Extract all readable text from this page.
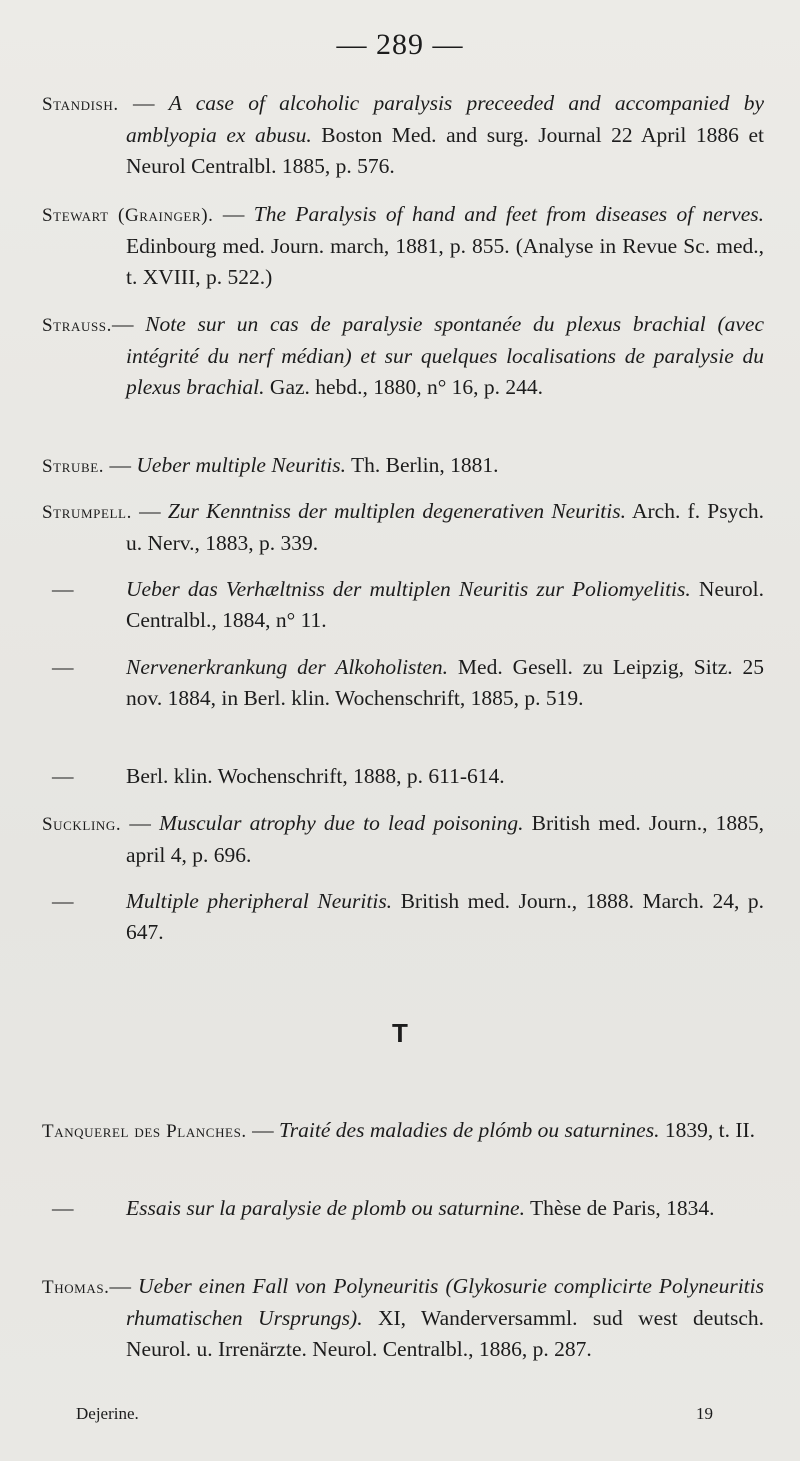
— 289 —
Standish. — A case of alcoholic paralysis preceeded and accompanied by amblyopia ex abusu. Boston Med. and surg. Journal 22 April 1886 et Neurol Centralbl. 1885, p. 576.
Stewart (Grainger). — The Paralysis of hand and feet from diseases of nerves. Edinbourg med. Journ. march, 1881, p. 855. (Analyse in Revue Sc. med., t. XVIII, p. 522.)
Strauss.— Note sur un cas de paralysie spontanée du plexus brachial (avec intégrité du nerf médian) et sur quelques localisations de paralysie du plexus brachial. Gaz. hebd., 1880, n° 16, p. 244.
Strube. — Ueber multiple Neuritis. Th. Berlin, 1881.
Strumpell. — Zur Kenntniss der multiplen degenerativen Neuritis. Arch. f. Psych. u. Nerv., 1883, p. 339.
— Ueber das Verhæltniss der multiplen Neuritis zur Poliomyelitis. Neurol. Centralbl., 1884, n° 11.
— Nervenerkrankung der Alkoholisten. Med. Gesell. zu Leipzig, Sitz. 25 nov. 1884, in Berl. klin. Wochenschrift, 1885, p. 519.
— Berl. klin. Wochenschrift, 1888, p. 611-614.
Suckling. — Muscular atrophy due to lead poisoning. British med. Journ., 1885, april 4, p. 696.
— Multiple pheripheral Neuritis. British med. Journ., 1888. March. 24, p. 647.
T
Tanquerel des Planches. — Traité des maladies de plómb ou saturnines. 1839, t. II.
— Essais sur la paralysie de plomb ou saturnine. Thèse de Paris, 1834.
Thomas.— Ueber einen Fall von Polyneuritis (Glykosurie complicirte Polyneuritis rhumatischen Ursprungs). XI, Wanderversamml. sud west deutsch. Neurol. u. Irrenärzte. Neurol. Centralbl., 1886, p. 287.
Dejerine.	19
